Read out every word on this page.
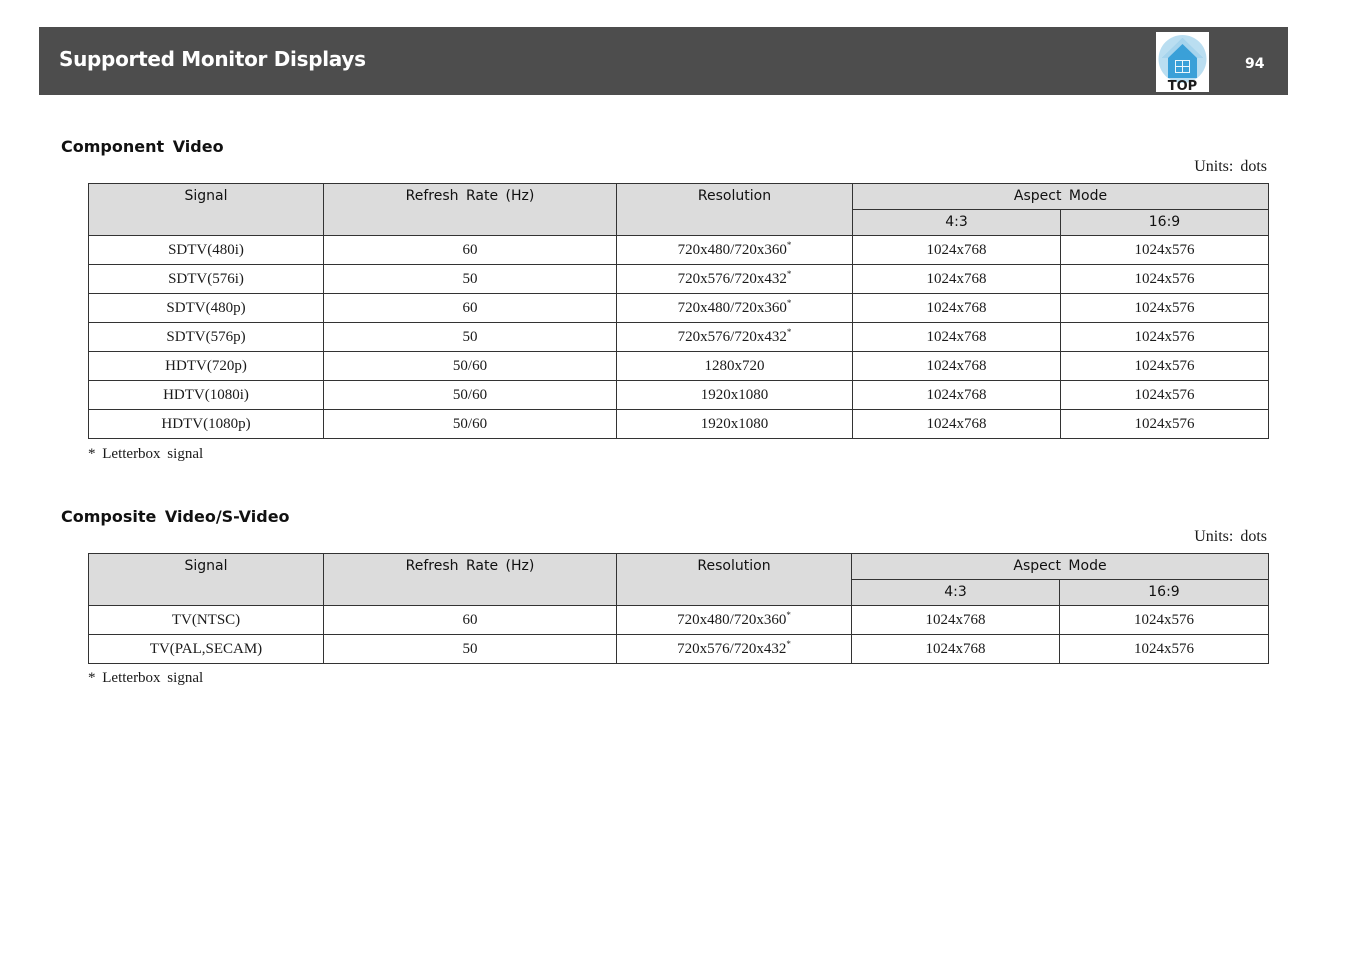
Supported Monitor Displays
TOP
94
Component Video
Units: dots
Signal	Refresh Rate (Hz)	Resolution	Aspect Mode	
			4:3	16:9
SDTV(480i)	60	720x480/720x360*	1024x768	1024x576
SDTV(576i)	50	720x576/720x432*	1024x768	1024x576
SDTV(480p)	60	720x480/720x360*	1024x768	1024x576
SDTV(576p)	50	720x576/720x432*	1024x768	1024x576
HDTV(720p)	50/60	1280x720	1024x768	1024x576
HDTV(1080i)	50/60	1920x1080	1024x768	1024x576
HDTV(1080p)	50/60	1920x1080	1024x768	1024x576
* Letterbox signal
Composite Video/S-Video
Units: dots
Signal	Refresh Rate (Hz)	Resolution	Aspect Mode	
			4:3	16:9
TV(NTSC)	60	720x480/720x360*	1024x768	1024x576
TV(PAL,SECAM)	50	720x576/720x432*	1024x768	1024x576
* Letterbox signal
